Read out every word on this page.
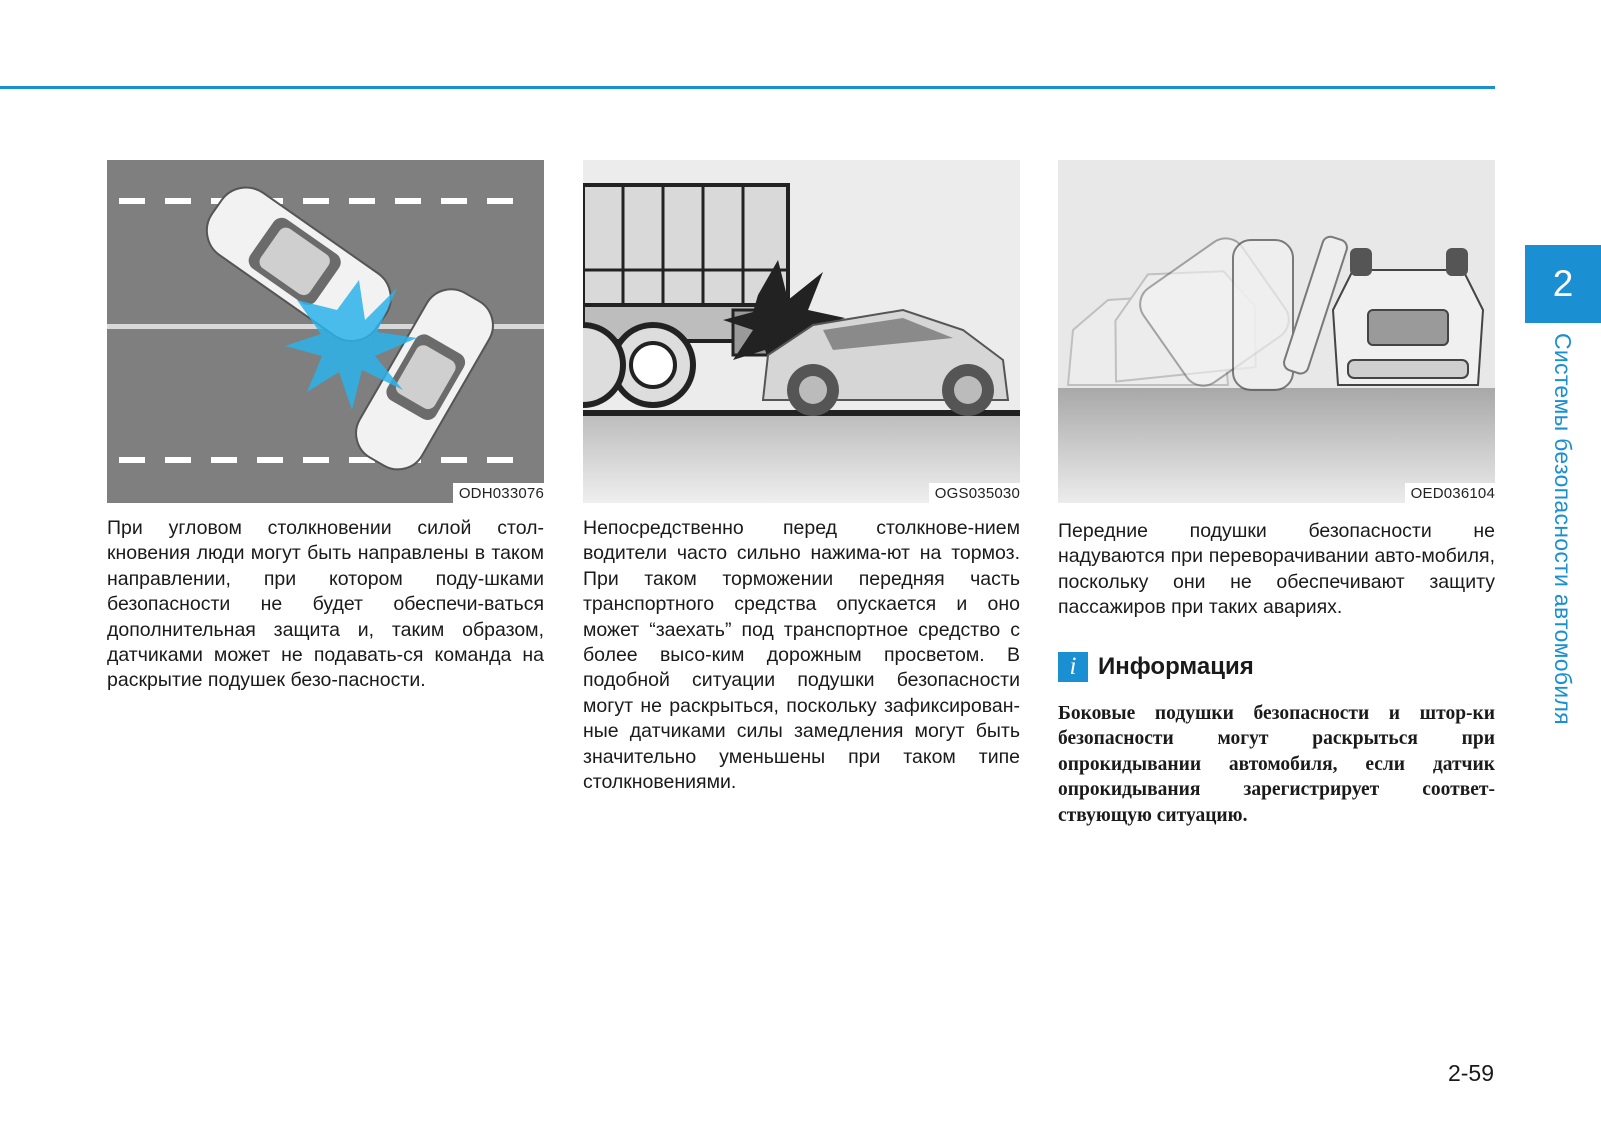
ODH033076	OGS035030	OED036104

При угловом столкновении силой стол-кновения люди могут быть направлены в таком направлении, при котором поду-шками безопасности не будет обеспечи-ваться дополнительная защита и, таким образом, датчиками может не подавать-ся команда на раскрытие подушек безо-пасности.

Непосредственно перед столкнове-нием водители часто сильно нажима-ют на тормоз. При таком торможении передняя часть транспортного средства опускается и оно может “заехать” под транспортное средство с более высо-ким дорожным просветом. В подобной ситуации подушки безопасности могут не раскрыться, поскольку зафиксирован-ные датчиками силы замедления могут быть значительно уменьшены при таком типе столкновениями.

Передние подушки безопасности не надуваются при переворачивании авто-мобиля, поскольку они не обеспечивают защиту пассажиров при таких авариях.

i Информация

Боковые подушки безопасности и штор-ки безопасности могут раскрыться при опрокидывании автомобиля, если датчик опрокидывания зарегистрирует соответ-ствующую ситуацию.

2
Системы безопасности автомобиля
2-59
